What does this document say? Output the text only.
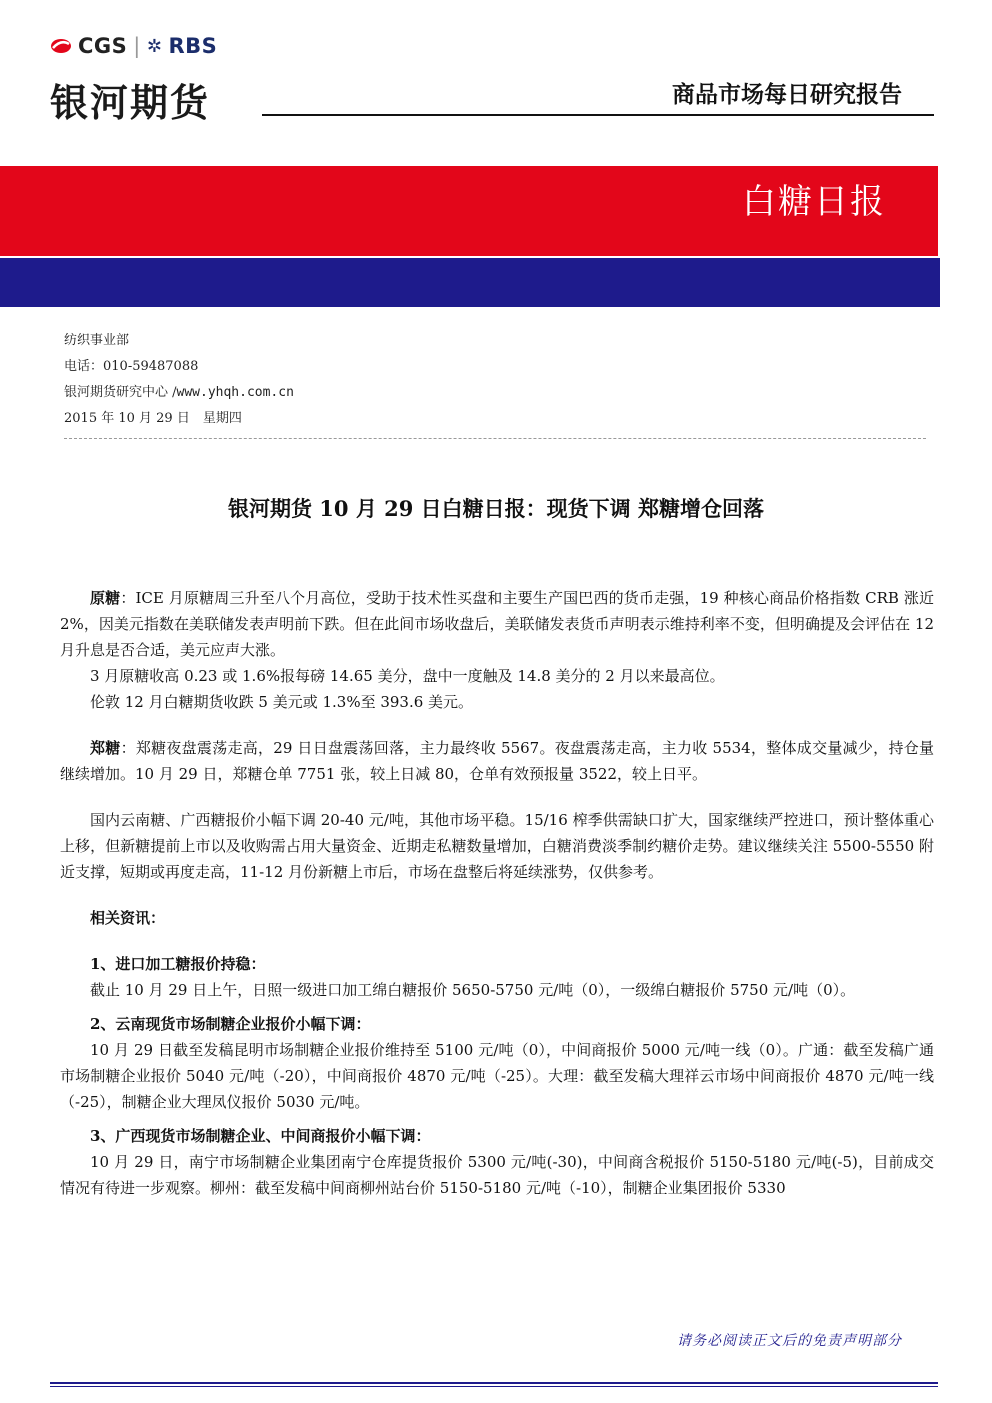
CGS | ✲ RBS
银河期货	商品市场每日研究报告
白糖日报
纺织事业部
电话：010-59487088
银河期货研究中心 /www.yhqh.com.cn
2015 年 10 月 29 日　星期四
银河期货 10 月 29 日白糖日报：现货下调 郑糖增仓回落

原糖：ICE 月原糖周三升至八个月高位，受助于技术性买盘和主要生产国巴西的货币走强，19 种核心商品价格指数 CRB 涨近 2%，因美元指数在美联储发表声明前下跌。但在此间市场收盘后，美联储发表货币声明表示维持利率不变，但明确提及会评估在 12 月升息是否合适，美元应声大涨。

3 月原糖收高 0.23 或 1.6%报每磅 14.65 美分，盘中一度触及 14.8 美分的 2 月以来最高位。

伦敦 12 月白糖期货收跌 5 美元或 1.3%至 393.6 美元。

郑糖：郑糖夜盘震荡走高，29 日日盘震荡回落，主力最终收 5567。夜盘震荡走高，主力收 5534，整体成交量减少，持仓量继续增加。10 月 29 日，郑糖仓单 7751 张，较上日减 80，仓单有效预报量 3522，较上日平。

国内云南糖、广西糖报价小幅下调 20-40 元/吨，其他市场平稳。15/16 榨季供需缺口扩大，国家继续严控进口，预计整体重心上移，但新糖提前上市以及收购需占用大量资金、近期走私糖数量增加，白糖消费淡季制约糖价走势。建议继续关注 5500-5550 附近支撑，短期或再度走高，11-12 月份新糖上市后，市场在盘整后将延续涨势，仅供参考。

相关资讯：

1、进口加工糖报价持稳：

截止 10 月 29 日上午，日照一级进口加工绵白糖报价 5650-5750 元/吨（0），一级绵白糖报价 5750 元/吨（0）。

2、云南现货市场制糖企业报价小幅下调：

10 月 29 日截至发稿昆明市场制糖企业报价维持至 5100 元/吨（0），中间商报价 5000 元/吨一线（0）。广通：截至发稿广通市场制糖企业报价 5040 元/吨（-20），中间商报价 4870 元/吨（-25）。大理：截至发稿大理祥云市场中间商报价 4870 元/吨一线（-25），制糖企业大理凤仪报价 5030 元/吨。

3、广西现货市场制糖企业、中间商报价小幅下调：

10 月 29 日，南宁市场制糖企业集团南宁仓库提货报价 5300 元/吨(-30)，中间商含税报价 5150-5180 元/吨(-5)，目前成交情况有待进一步观察。柳州：截至发稿中间商柳州站台价 5150-5180 元/吨（-10），制糖企业集团报价 5330

请务必阅读正文后的免责声明部分
